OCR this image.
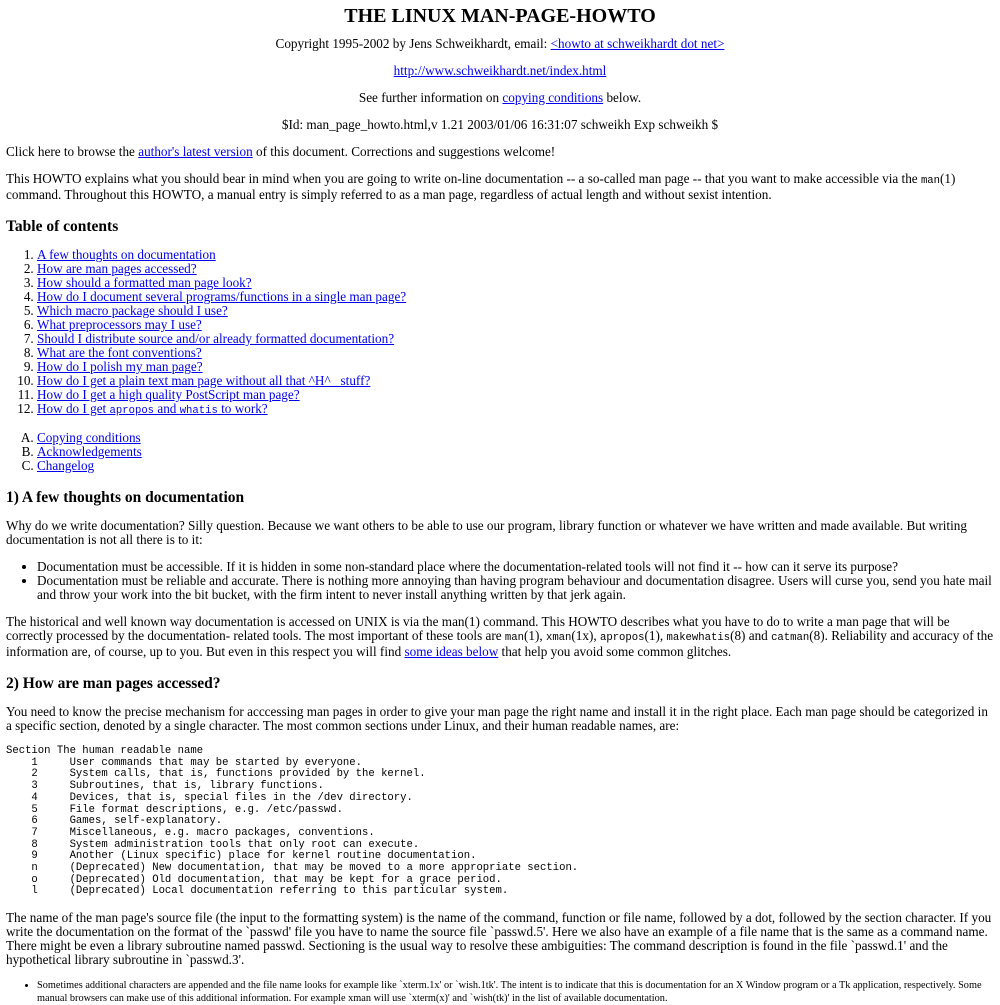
THE LINUX MAN-PAGE-HOWTO

Copyright 1995-2002 by Jens Schweikhardt, email: <howto at schweikhardt dot net>

http://www.schweikhardt.net/index.html

See further information on copying conditions below.

$Id: man_page_howto.html,v 1.21 2003/01/06 16:31:07 schweikh Exp schweikh $

Click here to browse the author's latest version of this document. Corrections and suggestions welcome!

This HOWTO explains what you should bear in mind when you are going to write on-line documentation -- a so-called man page -- that you want to make accessible via the man(1) command. Throughout this HOWTO, a manual entry is simply referred to as a man page, regardless of actual length and without sexist intention.

Table of contents
1. A few thoughts on documentation
2. How are man pages accessed?
3. How should a formatted man page look?
4. How do I document several programs/functions in a single man page?
5. Which macro package should I use?
6. What preprocessors may I use?
7. Should I distribute source and/or already formatted documentation?
8. What are the font conventions?
9. How do I polish my man page?
10. How do I get a plain text man page without all that ^H^_ stuff?
11. How do I get a high quality PostScript man page?
12. How do I get apropos and whatis to work?
A. Copying conditions
B. Acknowledgements
C. Changelog
1) A few thoughts on documentation

Why do we write documentation? Silly question. Because we want others to be able to use our program, library function or whatever we have written and made available. But writing documentation is not all there is to it:

• Documentation must be accessible. If it is hidden in some non-standard place where the documentation-related tools will not find it -- how can it serve its purpose?
• Documentation must be reliable and accurate. There is nothing more annoying than having program behaviour and documentation disagree. Users will curse you, send you hate mail and throw your work into the bit bucket, with the firm intent to never install anything written by that jerk again.

The historical and well known way documentation is accessed on UNIX is via the man(1) command. This HOWTO describes what you have to do to write a man page that will be correctly processed by the documentation- related tools. The most important of these tools are man(1), xman(1x), apropos(1), makewhatis(8) and catman(8). Reliability and accuracy of the information are, of course, up to you. But even in this respect you will find some ideas below that help you avoid some common glitches.

2) How are man pages accessed?

You need to know the precise mechanism for acccessing man pages in order to give your man page the right name and install it in the right place. Each man page should be categorized in a specific section, denoted by a single character. The most common sections under Linux, and their human readable names, are:

Section The human readable name
1     User commands that may be started by everyone.
2     System calls, that is, functions provided by the kernel.
3     Subroutines, that is, library functions.
4     Devices, that is, special files in the /dev directory.
5     File format descriptions, e.g. /etc/passwd.
6     Games, self-explanatory.
7     Miscellaneous, e.g. macro packages, conventions.
8     System administration tools that only root can execute.
9     Another (Linux specific) place for kernel routine documentation.
n     (Deprecated) New documentation, that may be moved to a more appropriate section.
o     (Deprecated) Old documentation, that may be kept for a grace period.
l     (Deprecated) Local documentation referring to this particular system.

The name of the man page's source file (the input to the formatting system) is the name of the command, function or file name, followed by a dot, followed by the section character. If you write the documentation on the format of the `passwd' file you have to name the source file `passwd.5'. Here we also have an example of a file name that is the same as a command name. There might be even a library subroutine named passwd. Sectioning is the usual way to resolve these ambiguities: The command description is found in the file `passwd.1' and the hypothetical library subroutine in `passwd.3'.

• Sometimes additional characters are appended and the file name looks for example like `xterm.1x' or `wish.1tk'. The intent is to indicate that this is documentation for an X Window program or a Tk application, respectively. Some manual browsers can make use of this additional information. For example xman will use `xterm(x)' and `wish(tk)' in the list of available documentation.
